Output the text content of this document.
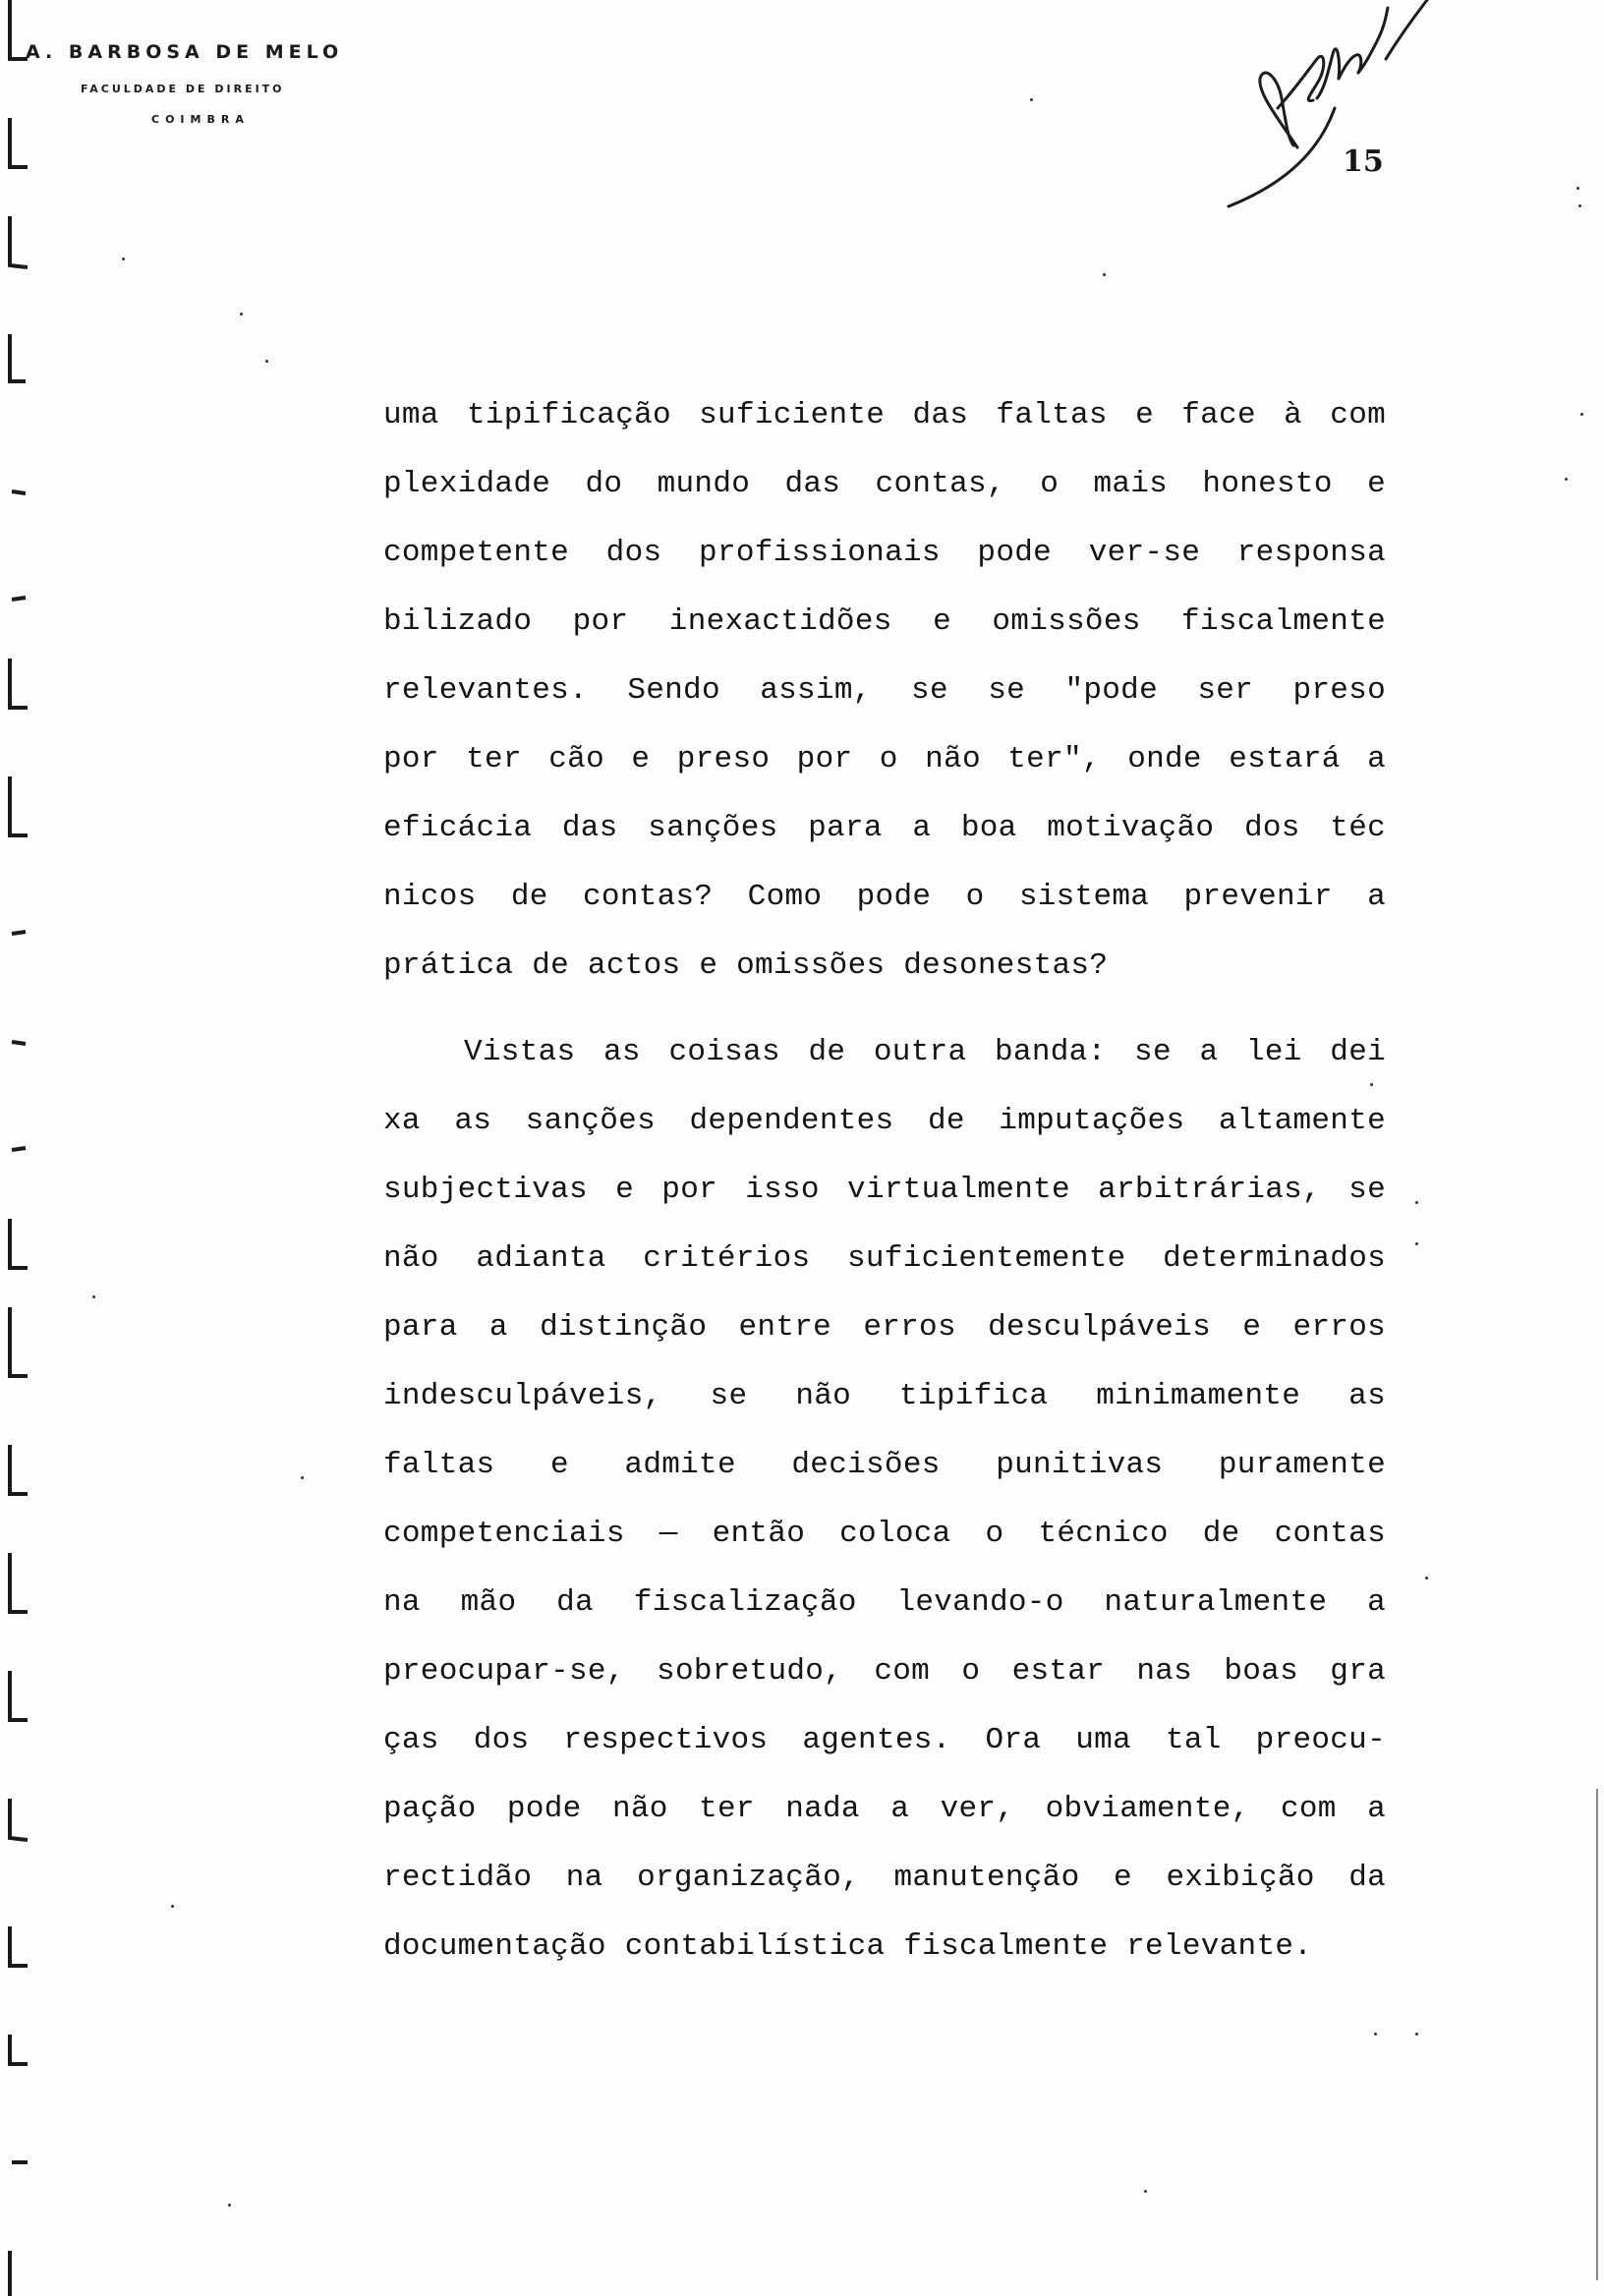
A. BARBOSA DE MELO

FACULDADE DE DIREITO

COIMBRA

15
uma tipificação suficiente das faltas e face à com
plexidade do mundo das contas, o mais honesto e
competente dos profissionais pode ver-se responsa
bilizado por inexactidões e omissões fiscalmente
relevantes. Sendo assim, se se "pode ser preso
por ter cão e preso por o não ter", onde estará a
eficácia das sanções para a boa motivação dos téc
nicos de contas? Como pode o sistema prevenir a
prática de actos e omissões desonestas?
Vistas as coisas de outra banda: se a lei dei
xa as sanções dependentes de imputações altamente
subjectivas e por isso virtualmente arbitrárias, se
não adianta critérios suficientemente determinados
para a distinção entre erros desculpáveis e erros
indesculpáveis, se não tipifica minimamente as
faltas e admite decisões punitivas puramente
competenciais — então coloca o técnico de contas
na mão da fiscalização levando-o naturalmente a
preocupar-se, sobretudo, com o estar nas boas gra
ças dos respectivos agentes. Ora uma tal preocu-
pação pode não ter nada a ver, obviamente, com a
rectidão na organização, manutenção e exibição da
documentação contabilística fiscalmente relevante.
